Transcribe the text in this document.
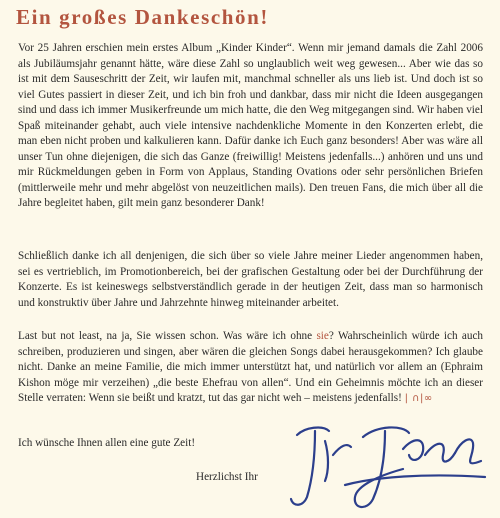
Ein großes Dankeschön!

Vor 25 Jahren erschien mein erstes Album „Kinder Kinder“. Wenn mir jemand damals die Zahl 2006 als Jubiläumsjahr genannt hätte, wäre diese Zahl so unglaublich weit weg gewesen... Aber wie das so ist mit dem Sauseschritt der Zeit, wir laufen mit, manchmal schneller als uns lieb ist. Und doch ist so viel Gutes passiert in dieser Zeit, und ich bin froh und dankbar, dass mir nicht die Ideen ausgegangen sind und dass ich immer Musikerfreunde um mich hatte, die den Weg mitgegangen sind. Wir haben viel Spaß miteinander gehabt, auch viele intensive nachdenkliche Momente in den Konzerten erlebt, die man eben nicht proben und kalkulieren kann. Dafür danke ich Euch ganz besonders! Aber was wäre all unser Tun ohne diejenigen, die sich das Ganze (freiwillig! Meistens jedenfalls...) anhören und uns und mir Rückmeldungen geben in Form von Applaus, Standing Ovations oder sehr persönlichen Briefen (mittlerweile mehr und mehr abgelöst von neuzeitlichen mails). Den treuen Fans, die mich über all die Jahre begleitet haben, gilt mein ganz besonderer Dank!

Schließlich danke ich all denjenigen, die sich über so viele Jahre meiner Lieder angenommen haben, sei es vertrieblich, im Promotionbereich, bei der grafischen Gestaltung oder bei der Durchführung der Konzerte. Es ist keineswegs selbstverständlich gerade in der heutigen Zeit, dass man so harmonisch und konstruktiv über Jahre und Jahrzehnte hinweg miteinander arbeitet.

Last but not least, na ja, Sie wissen schon. Was wäre ich ohne sie? Wahrscheinlich würde ich auch schreiben, produzieren und singen, aber wären die gleichen Songs dabei herausgekommen? Ich glaube nicht. Danke an meine Familie, die mich immer unterstützt hat, und natürlich vor allem an (Ephraim Kishon möge mir verzeihen) „die beste Ehefrau von allen“. Und ein Geheimnis möchte ich an dieser Stelle verraten: Wenn sie beißt und kratzt, tut das gar nicht weh – meistens jedenfalls! | ∩|∞

Ich wünsche Ihnen allen eine gute Zeit!

Herzlichst Ihr
